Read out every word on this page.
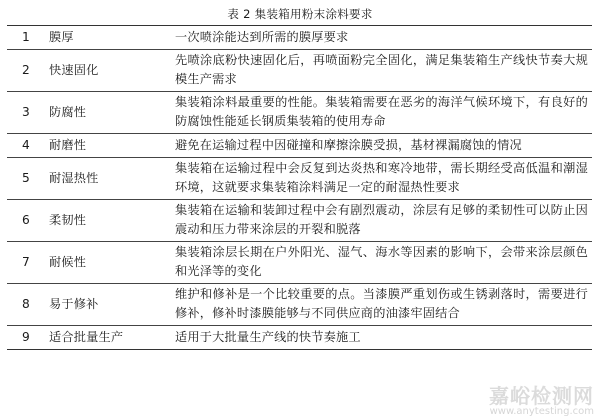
表 2 集装箱用粉末涂料要求
1	膜厚	一次喷涂能达到所需的膜厚要求
2	快速固化	先喷涂底粉快速固化后，再喷面粉完全固化，满足集装箱生产线快节奏大规模生产需求
3	防腐性	集装箱涂料最重要的性能。集装箱需要在恶劣的海洋气候环境下，有良好的防腐蚀性能延长钢质集装箱的使用寿命
4	耐磨性	避免在运输过程中因碰撞和摩擦涂膜受损，基材裸漏腐蚀的情况
5	耐湿热性	集装箱在运输过程中会反复到达炎热和寒冷地带，需长期经受高低温和潮湿环境，这就要求集装箱涂料满足一定的耐湿热性要求
6	柔韧性	集装箱在运输和装卸过程中会有剧烈震动，涂层有足够的柔韧性可以防止因震动和压力带来涂层的开裂和脱落
7	耐候性	集装箱涂层长期在户外阳光、湿气、海水等因素的影响下，会带来涂层颜色和光泽等的变化
8	易于修补	维护和修补是一个比较重要的点。当漆膜严重划伤或生锈剥落时，需要进行修补，修补时漆膜能够与不同供应商的油漆牢固结合
9	适合批量生产	适用于大批量生产线的快节奏施工
嘉峪检测网
www.anytesting.com
